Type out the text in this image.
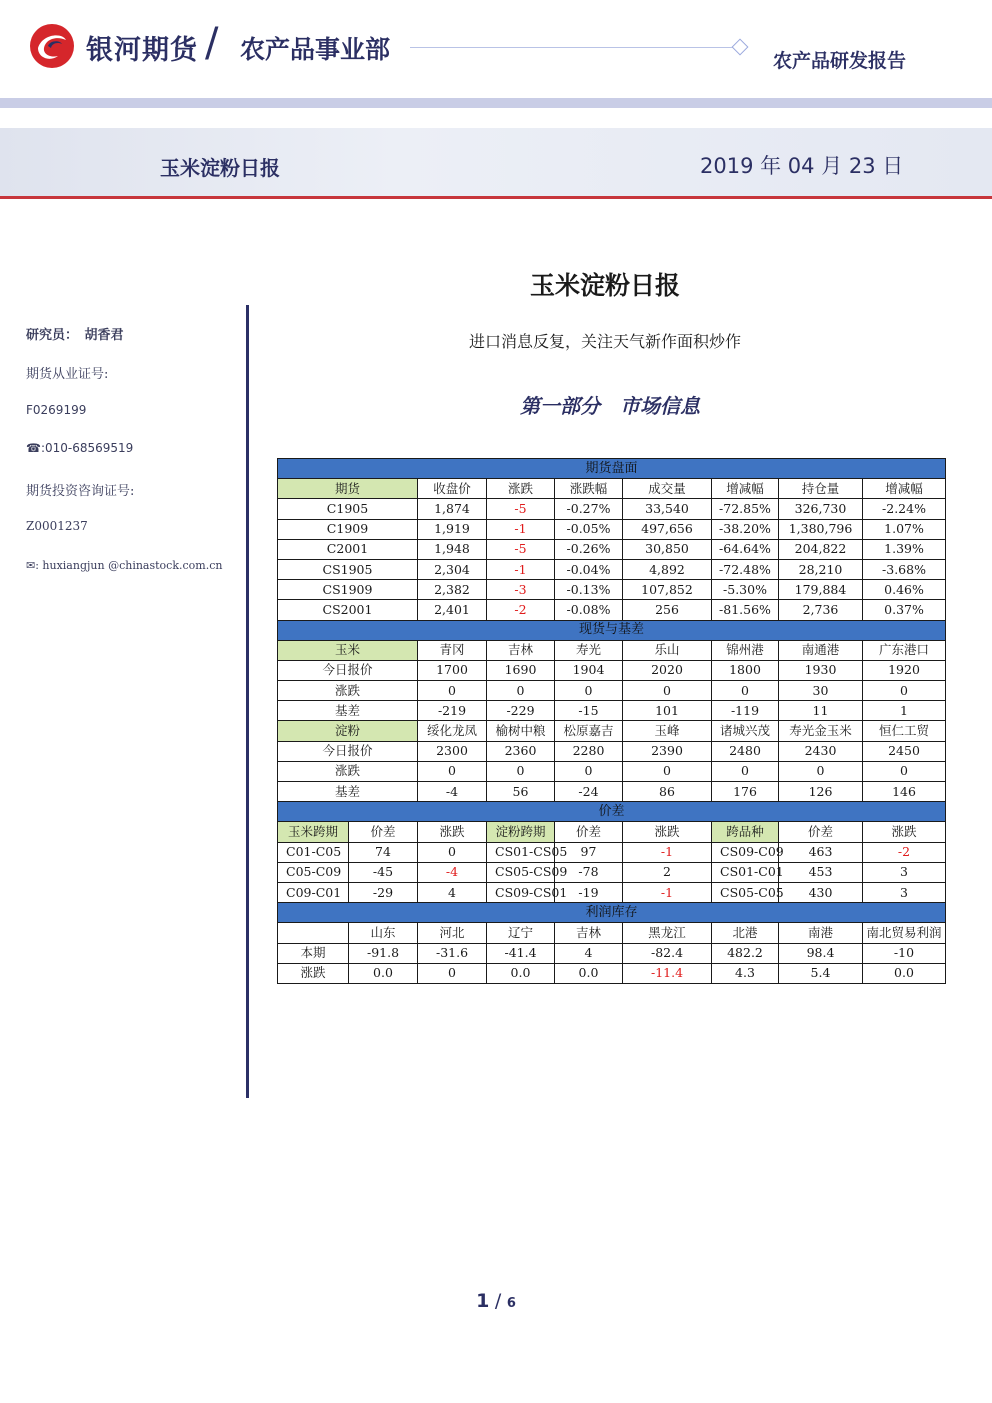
银河期货 / 农产品事业部	农产品研发报告
玉米淀粉日报	2019 年 04 月 23 日
研究员：　胡香君
期货从业证号:
F0269199
☎:010-68569519
期货投资咨询证号:
Z0001237
✉: huxiangjun @chinastock.com.cn
玉米淀粉日报
进口消息反复，关注天气新作面积炒作
第一部分　市场信息
期货盘面								
期货		收盘价	涨跌	涨跌幅	成交量	增减幅	持仓量	增减幅
C1905		1,874	-5	-0.27%	33,540	-72.85%	326,730	-2.24%
C1909		1,919	-1	-0.05%	497,656	-38.20%	1,380,796	1.07%
C2001		1,948	-5	-0.26%	30,850	-64.64%	204,822	1.39%
CS1905		2,304	-1	-0.04%	4,892	-72.48%	28,210	-3.68%
CS1909		2,382	-3	-0.13%	107,852	-5.30%	179,884	0.46%
CS2001		2,401	-2	-0.08%	256	-81.56%	2,736	0.37%
现货与基差								
玉米		青冈	吉林	寿光	乐山	锦州港	南通港	广东港口
今日报价		1700	1690	1904	2020	1800	1930	1920
涨跌		0	0	0	0	0	30	0
基差		-219	-229	-15	101	-119	11	1
淀粉		绥化龙凤	榆树中粮	松原嘉吉	玉峰	诸城兴茂	寿光金玉米	恒仁工贸
今日报价		2300	2360	2280	2390	2480	2430	2450
涨跌		0	0	0	0	0	0	0
基差		-4	56	-24	86	176	126	146
价差								
玉米跨期	价差	涨跌	淀粉跨期	价差	涨跌	跨品种	价差	涨跌
C01-C05	74	0	CS01-CS05	97	-1	CS09-C09	463	-2
C05-C09	-45	-4	CS05-CS09	-78	2	CS01-C01	453	3
C09-C01	-29	4	CS09-CS01	-19	-1	CS05-C05	430	3
利润库存								
	山东	河北	辽宁	吉林	黑龙江	北港	南港	南北贸易利润
本期	-91.8	-31.6	-41.4	4	-82.4	482.2	98.4	-10
涨跌	0.0	0	0.0	0.0	-11.4	4.3	5.4	0.0
1 / 6
